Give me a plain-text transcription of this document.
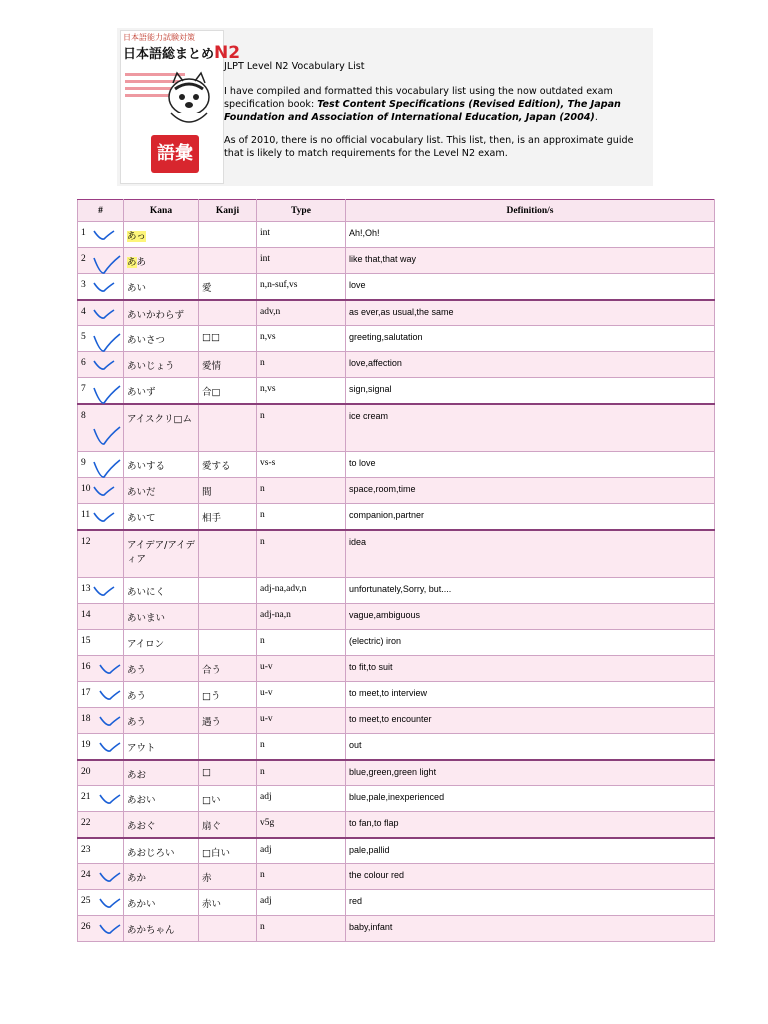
日本語能力試験対策
日本語総まとめN2
語彙

JLPT Level N2 Vocabulary List

I have compiled and formatted this vocabulary list using the now outdated exam specification book: Test Content Specifications (Revised Edition), The Japan Foundation and Association of International Education, Japan (2004).

As of 2010, there is no official vocabulary list. This list, then, is an approximate guide that is likely to match requirements for the Level N2 exam.

#	Kana	Kanji	Type	Definition/s
1	あっ		int	Ah!,Oh!
2	ああ		int	like that,that way
3	あい	愛	n,n-suf,vs	love
4	あいかわらず		adv,n	as ever,as usual,the same
5	あいさつ	□□	n,vs	greeting,salutation
6	あいじょう	愛情	n	love,affection
7	あいず	合□	n,vs	sign,signal
8	アイスクリ□ム		n	ice cream
9	あいする	愛する	vs-s	to love
10	あいだ	間	n	space,room,time
11	あいて	相手	n	companion,partner
12	アイデア/アイディア		n	idea
13	あいにく		adj-na,adv,n	unfortunately,Sorry, but....
14	あいまい		adj-na,n	vague,ambiguous
15	アイロン		n	(electric) iron
16	あう	合う	u-v	to fit,to suit
17	あう	□う	u-v	to meet,to interview
18	あう	遇う	u-v	to meet,to encounter
19	アウト		n	out
20	あお	□	n	blue,green,green light
21	あおい	□い	adj	blue,pale,inexperienced
22	あおぐ	扇ぐ	v5g	to fan,to flap
23	あおじろい	□白い	adj	pale,pallid
24	あか	赤	n	the colour red
25	あかい	赤い	adj	red
26	あかちゃん		n	baby,infant
